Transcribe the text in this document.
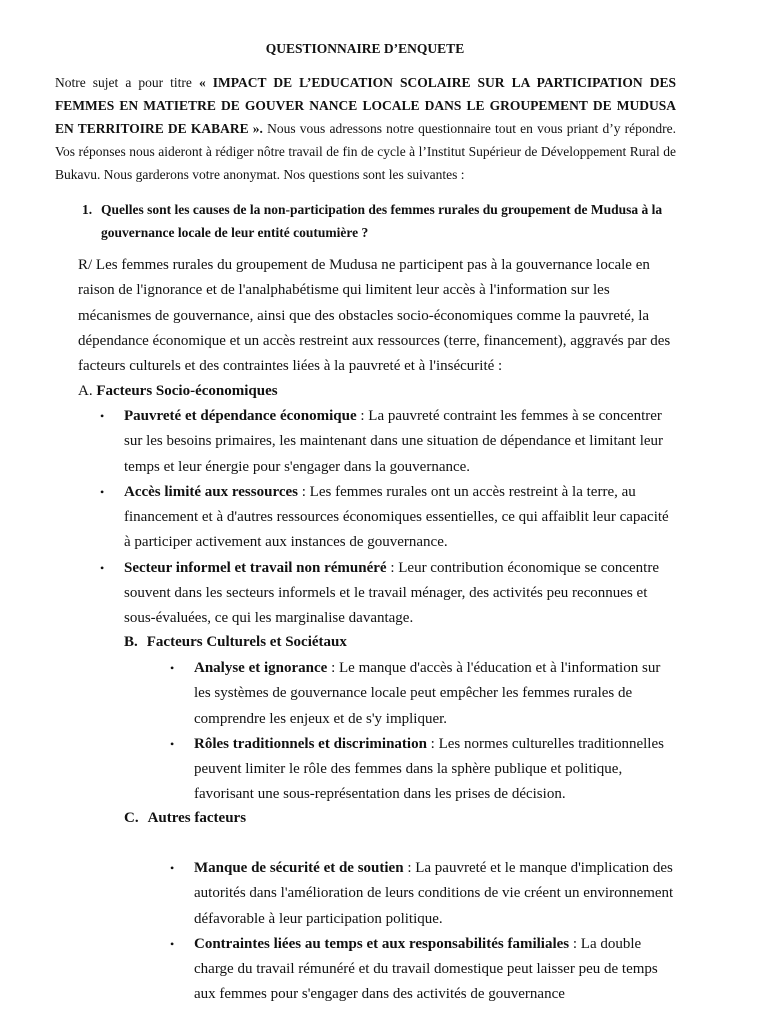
QUESTIONNAIRE D’ENQUETE
Notre sujet a pour titre « IMPACT DE L’EDUCATION SCOLAIRE SUR LA PARTICIPATION DES FEMMES EN MATIETRE DE GOUVER NANCE LOCALE DANS LE GROUPEMENT DE MUDUSA EN TERRITOIRE DE KABARE ». Nous vous adressons notre questionnaire tout en vous priant d’y répondre. Vos réponses nous aideront à rédiger nôtre travail de fin de cycle à l’Institut Supérieur de Développement Rural de Bukavu. Nous garderons votre anonymat. Nos questions sont les suivantes :
1. Quelles sont les causes de la non-participation des femmes rurales du groupement de Mudusa à la gouvernance locale de leur entité coutumière ?
R/ Les femmes rurales du groupement de Mudusa ne participent pas à la gouvernance locale en raison de l'ignorance et de l'analphabétisme qui limitent leur accès à l'information sur les mécanismes de gouvernance, ainsi que des obstacles socio-économiques comme la pauvreté, la dépendance économique et un accès restreint aux ressources (terre, financement), aggravés par des facteurs culturels et des contraintes liées à la pauvreté et à l'insécurité :
A. Facteurs Socio-économiques
• Pauvreté et dépendance économique : La pauvreté contraint les femmes à se concentrer sur les besoins primaires, les maintenant dans une situation de dépendance et limitant leur temps et leur énergie pour s'engager dans la gouvernance.
• Accès limité aux ressources : Les femmes rurales ont un accès restreint à la terre, au financement et à d'autres ressources économiques essentielles, ce qui affaiblit leur capacité à participer activement aux instances de gouvernance.
• Secteur informel et travail non rémunéré : Leur contribution économique se concentre souvent dans les secteurs informels et le travail ménager, des activités peu reconnues et sous-évaluées, ce qui les marginalise davantage.
B. Facteurs Culturels et Sociétaux
• Analyse et ignorance : Le manque d'accès à l'éducation et à l'information sur les systèmes de gouvernance locale peut empêcher les femmes rurales de comprendre les enjeux et de s'y impliquer.
• Rôles traditionnels et discrimination : Les normes culturelles traditionnelles peuvent limiter le rôle des femmes dans la sphère publique et politique, favorisant une sous-représentation dans les prises de décision.
C. Autres facteurs
• Manque de sécurité et de soutien : La pauvreté et le manque d'implication des autorités dans l'amélioration de leurs conditions de vie créent un environnement défavorable à leur participation politique.
• Contraintes liées au temps et aux responsabilités familiales : La double charge du travail rémunéré et du travail domestique peut laisser peu de temps aux femmes pour s'engager dans des activités de gouvernance
